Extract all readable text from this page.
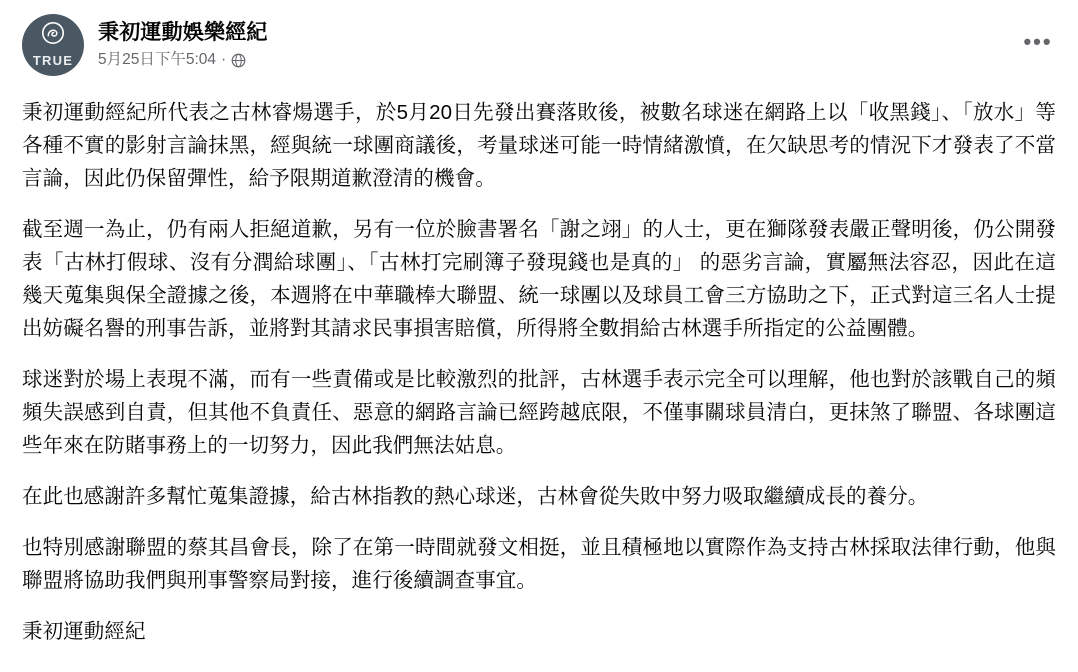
TRUE
秉初運動娛樂經紀
5月25日下午5:04 ·
•••

秉初運動經紀所代表之古林睿煬選手，於5月20日先發出賽落敗後，被數名球迷在網路上以「收黑錢」、「放水」等各種不實的影射言論抹黑，經與統一球團商議後，考量球迷可能一時情緒激憤，在欠缺思考的情況下才發表了不當言論，因此仍保留彈性，給予限期道歉澄清的機會。

截至週一為止，仍有兩人拒絕道歉，另有一位於臉書署名「謝之翊」的人士，更在獅隊發表嚴正聲明後，仍公開發表「古林打假球、沒有分潤給球團」、「古林打完刷簿子發現錢也是真的」 的惡劣言論，實屬無法容忍，因此在這幾天蒐集與保全證據之後，本週將在中華職棒大聯盟、統一球團以及球員工會三方協助之下，正式對這三名人士提出妨礙名譽的刑事告訴，並將對其請求民事損害賠償，所得將全數捐給古林選手所指定的公益團體。

球迷對於場上表現不滿，而有一些責備或是比較激烈的批評，古林選手表示完全可以理解，他也對於該戰自己的頻頻失誤感到自責，但其他不負責任、惡意的網路言論已經跨越底限，不僅事關球員清白，更抹煞了聯盟、各球團這些年來在防賭事務上的一切努力，因此我們無法姑息。

在此也感謝許多幫忙蒐集證據，給古林指教的熱心球迷，古林會從失敗中努力吸取繼續成長的養分。

也特別感謝聯盟的蔡其昌會長，除了在第一時間就發文相挺，並且積極地以實際作為支持古林採取法律行動，他與聯盟將協助我們與刑事警察局對接，進行後續調查事宜。

秉初運動經紀
